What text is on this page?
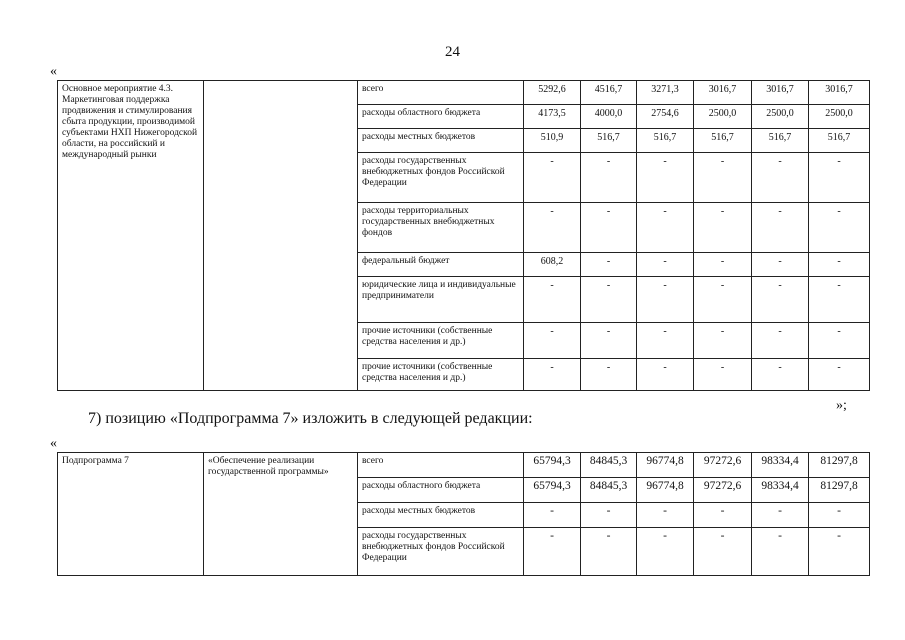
24
«
Основное мероприятие 4.3. Маркетинговая поддержка продвижения и стимулирования сбыта продукции, производимой субъектами НХП Нижегородской области, на российский и международный рынки		всего	5292,6	4516,7	3271,3	3016,7	3016,7	3016,7
		расходы областного бюджета	4173,5	4000,0	2754,6	2500,0	2500,0	2500,0
		расходы местных бюджетов	510,9	516,7	516,7	516,7	516,7	516,7
		расходы государственных внебюджетных фондов Российской Федерации	-	-	-	-	-	-
		расходы территориальных государственных внебюджетных фондов	-	-	-	-	-	-
		федеральный бюджет	608,2	-	-	-	-	-
		юридические лица и индивидуальные предприниматели	-	-	-	-	-	-
		прочие источники (собственные средства населения и др.)	-	-	-	-	-	-
		прочие источники (собственные средства населения и др.)	-	-	-	-	-	-
»;
7) позицию «Подпрограмма 7» изложить в следующей редакции:
«
Подпрограмма 7	«Обеспечение реализации государственной программы»	всего	65794,3	84845,3	96774,8	97272,6	98334,4	81297,8
		расходы областного бюджета	65794,3	84845,3	96774,8	97272,6	98334,4	81297,8
		расходы местных бюджетов	-	-	-	-	-	-
		расходы государственных внебюджетных фондов Российской Федерации	-	-	-	-	-	-
